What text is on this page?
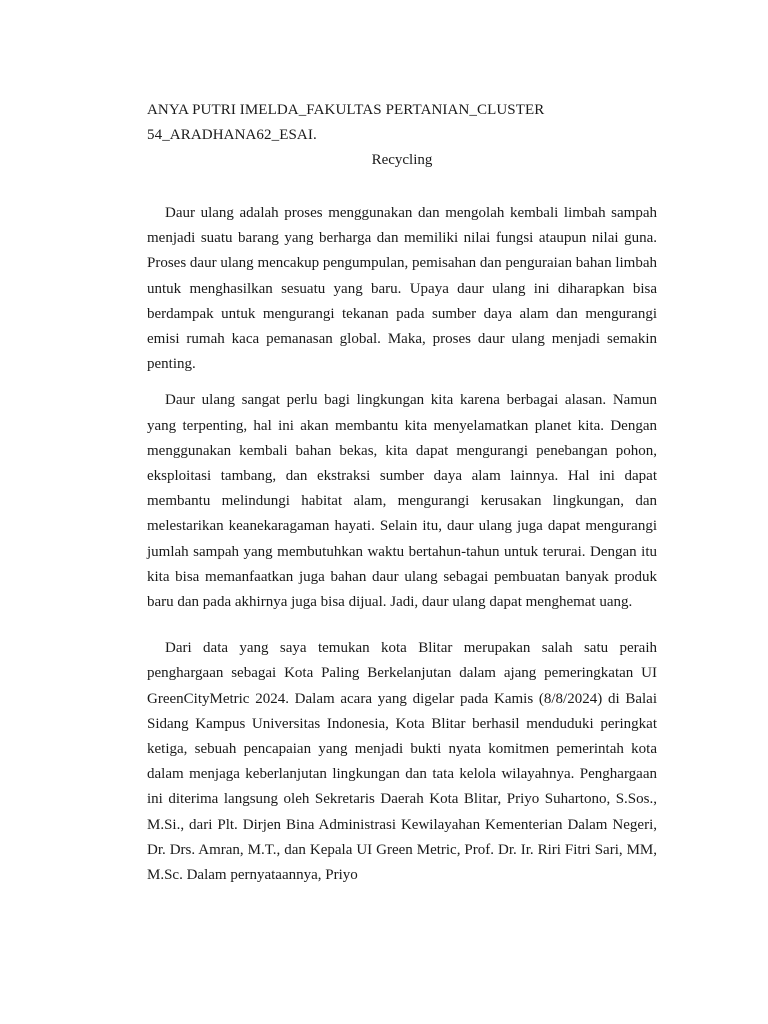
ANYA PUTRI IMELDA_FAKULTAS PERTANIAN_CLUSTER

54_ARADHANA62_ESAI.

Recycling

Daur ulang adalah proses menggunakan dan mengolah kembali limbah sampah menjadi suatu barang yang berharga dan memiliki nilai fungsi ataupun nilai guna. Proses daur ulang mencakup pengumpulan, pemisahan dan penguraian bahan limbah untuk menghasilkan sesuatu yang baru. Upaya daur ulang ini diharapkan bisa berdampak untuk mengurangi tekanan pada sumber daya alam dan mengurangi emisi rumah kaca pemanasan global. Maka, proses daur ulang menjadi semakin penting.

Daur ulang sangat perlu bagi lingkungan kita karena berbagai alasan. Namun yang terpenting, hal ini akan membantu kita menyelamatkan planet kita. Dengan menggunakan kembali bahan bekas, kita dapat mengurangi penebangan pohon, eksploitasi tambang, dan ekstraksi sumber daya alam lainnya. Hal ini dapat membantu melindungi habitat alam, mengurangi kerusakan lingkungan, dan melestarikan keanekaragaman hayati. Selain itu, daur ulang juga dapat mengurangi jumlah sampah yang membutuhkan waktu bertahun-tahun untuk terurai. Dengan itu kita bisa memanfaatkan juga bahan daur ulang sebagai pembuatan banyak produk baru dan pada akhirnya juga bisa dijual. Jadi, daur ulang dapat menghemat uang.

Dari data yang saya temukan kota Blitar merupakan salah satu peraih penghargaan sebagai Kota Paling Berkelanjutan dalam ajang pemeringkatan UI GreenCityMetric 2024. Dalam acara yang digelar pada Kamis (8/8/2024) di Balai Sidang Kampus Universitas Indonesia, Kota Blitar berhasil menduduki peringkat ketiga, sebuah pencapaian yang menjadi bukti nyata komitmen pemerintah kota dalam menjaga keberlanjutan lingkungan dan tata kelola wilayahnya. Penghargaan ini diterima langsung oleh Sekretaris Daerah Kota Blitar, Priyo Suhartono, S.Sos., M.Si., dari Plt. Dirjen Bina Administrasi Kewilayahan Kementerian Dalam Negeri, Dr. Drs. Amran, M.T., dan Kepala UI Green Metric, Prof. Dr. Ir. Riri Fitri Sari, MM, M.Sc. Dalam pernyataannya, Priyo
